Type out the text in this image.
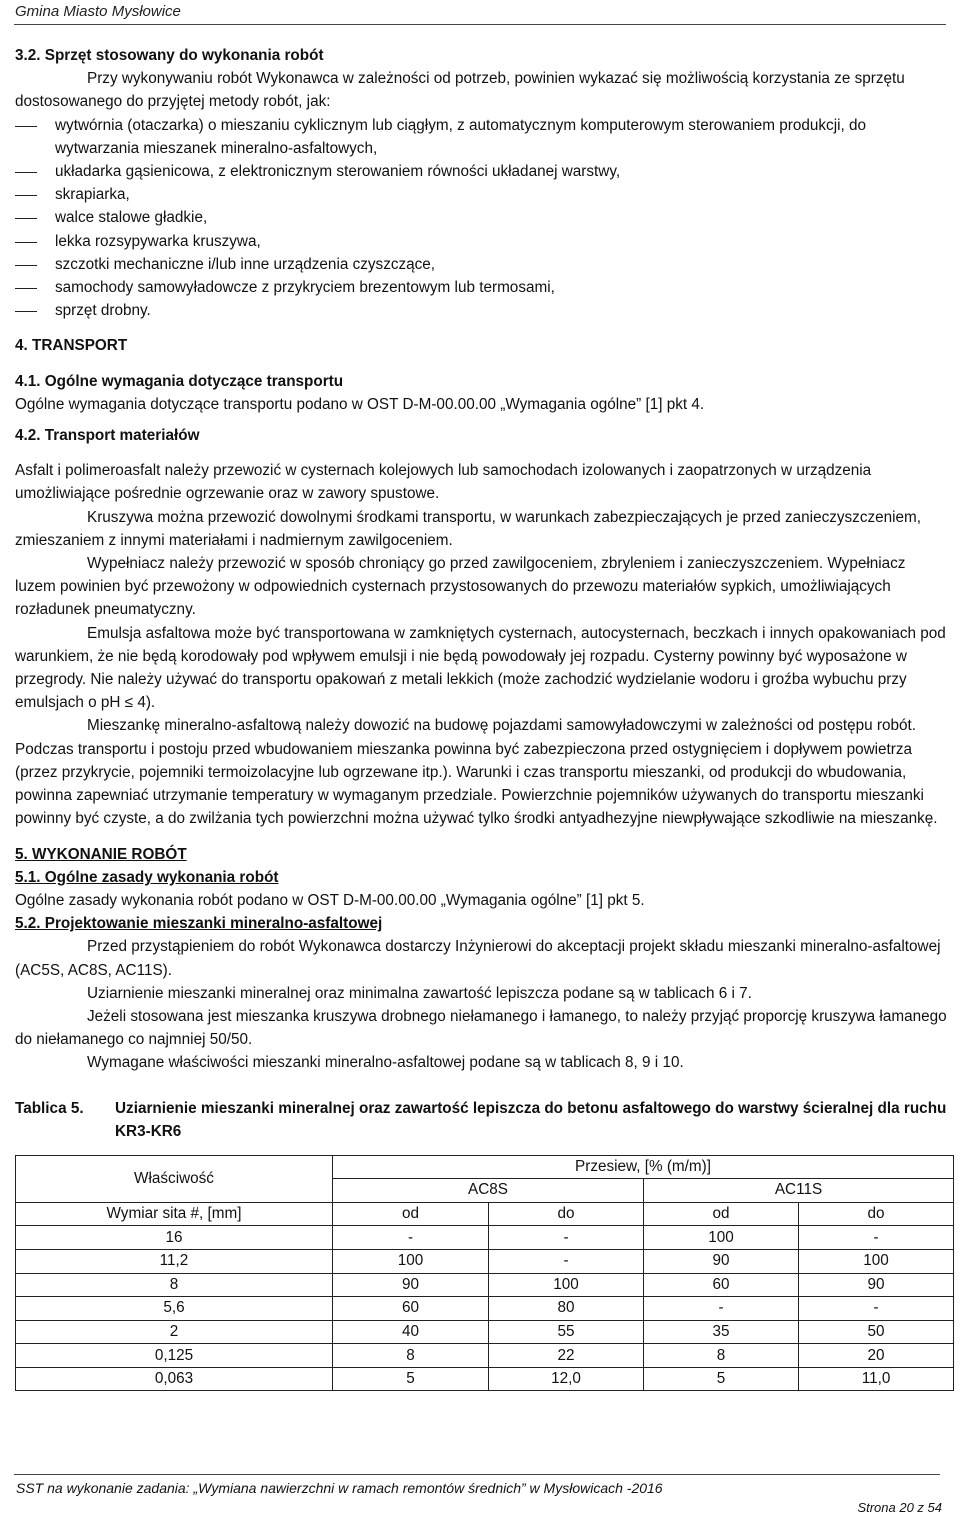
Gmina Miasto Mysłowice

3.2. Sprzęt stosowany do wykonania robót

Przy wykonywaniu robót Wykonawca w zależności od potrzeb, powinien wykazać się możliwością korzystania ze sprzętu dostosowanego do przyjętej metody robót, jak:

wytwórnia (otaczarka) o mieszaniu cyklicznym lub ciągłym, z automatycznym komputerowym sterowaniem produkcji, do wytwarzania mieszanek mineralno-asfaltowych,
układarka gąsienicowa, z elektronicznym sterowaniem równości układanej warstwy,
skrapiarka,
walce stalowe gładkie,
lekka rozsypywarka kruszywa,
szczotki mechaniczne i/lub inne urządzenia czyszczące,
samochody samowyładowcze z przykryciem brezentowym lub termosami,
sprzęt drobny.

4. TRANSPORT

4.1. Ogólne wymagania dotyczące transportu

Ogólne wymagania dotyczące transportu podano w OST D-M-00.00.00 „Wymagania ogólne” [1] pkt 4.

4.2. Transport materiałów

Asfalt i polimeroasfalt należy przewozić w cysternach kolejowych lub samochodach izolowanych i zaopatrzonych w urządzenia umożliwiające pośrednie ogrzewanie oraz w zawory spustowe.

Kruszywa można przewozić dowolnymi środkami transportu, w warunkach zabezpieczających je przed zanieczyszczeniem, zmieszaniem z innymi materiałami i nadmiernym zawilgoceniem.

Wypełniacz należy przewozić w sposób chroniący go przed zawilgoceniem, zbryleniem i zanieczyszczeniem. Wypełniacz luzem powinien być przewożony w odpowiednich cysternach przystosowanych do przewozu materiałów sypkich, umożliwiających rozładunek pneumatyczny.

Emulsja asfaltowa może być transportowana w zamkniętych cysternach, autocysternach, beczkach i innych opakowaniach pod warunkiem, że nie będą korodowały pod wpływem emulsji i nie będą powodowały jej rozpadu. Cysterny powinny być wyposażone w przegrody. Nie należy używać do transportu opakowań z metali lekkich (może zachodzić wydzielanie wodoru i groźba wybuchu przy emulsjach o pH ≤ 4).

Mieszankę mineralno-asfaltową należy dowozić na budowę pojazdami samowyładowczymi w zależności od postępu robót. Podczas transportu i postoju przed wbudowaniem mieszanka powinna być zabezpieczona przed ostygnięciem i dopływem powietrza (przez przykrycie, pojemniki termoizolacyjne lub ogrzewane itp.). Warunki i czas transportu mieszanki, od produkcji do wbudowania, powinna zapewniać utrzymanie temperatury w wymaganym przedziale. Powierzchnie pojemników używanych do transportu mieszanki powinny być czyste, a do zwilżania tych powierzchni można używać tylko środki antyadhezyjne niewpływające szkodliwie na mieszankę.

5. WYKONANIE ROBÓT

5.1. Ogólne zasady wykonania robót

Ogólne zasady wykonania robót podano w OST D-M-00.00.00 „Wymagania ogólne” [1] pkt 5.

5.2. Projektowanie mieszanki mineralno-asfaltowej

Przed przystąpieniem do robót Wykonawca dostarczy Inżynierowi do akceptacji projekt składu mieszanki mineralno-asfaltowej (AC5S, AC8S, AC11S).

Uziarnienie mieszanki mineralnej oraz minimalna zawartość lepiszcza podane są w tablicach 6 i 7.

Jeżeli stosowana jest mieszanka kruszywa drobnego niełamanego i łamanego, to należy przyjąć proporcję kruszywa łamanego do niełamanego co najmniej 50/50.

Wymagane właściwości mieszanki mineralno-asfaltowej podane są w tablicach 8, 9 i 10.

Tablica 5.	Uziarnienie mieszanki mineralnej oraz zawartość lepiszcza do betonu asfaltowego do warstwy ścieralnej dla ruchu KR3-KR6
Właściwość	Przesiew, [% (m/m)]			
	AC8S		AC11S	
Wymiar sita #, [mm]	od	do	od	do
16	-	-	100	-
11,2	100	-	90	100
8	90	100	60	90
5,6	60	80	-	-
2	40	55	35	50
0,125	8	22	8	20
0,063	5	12,0	5	11,0
SST na wykonanie zadania: „Wymiana nawierzchni w ramach remontów średnich” w Mysłowicach -2016
Strona 20 z 54
